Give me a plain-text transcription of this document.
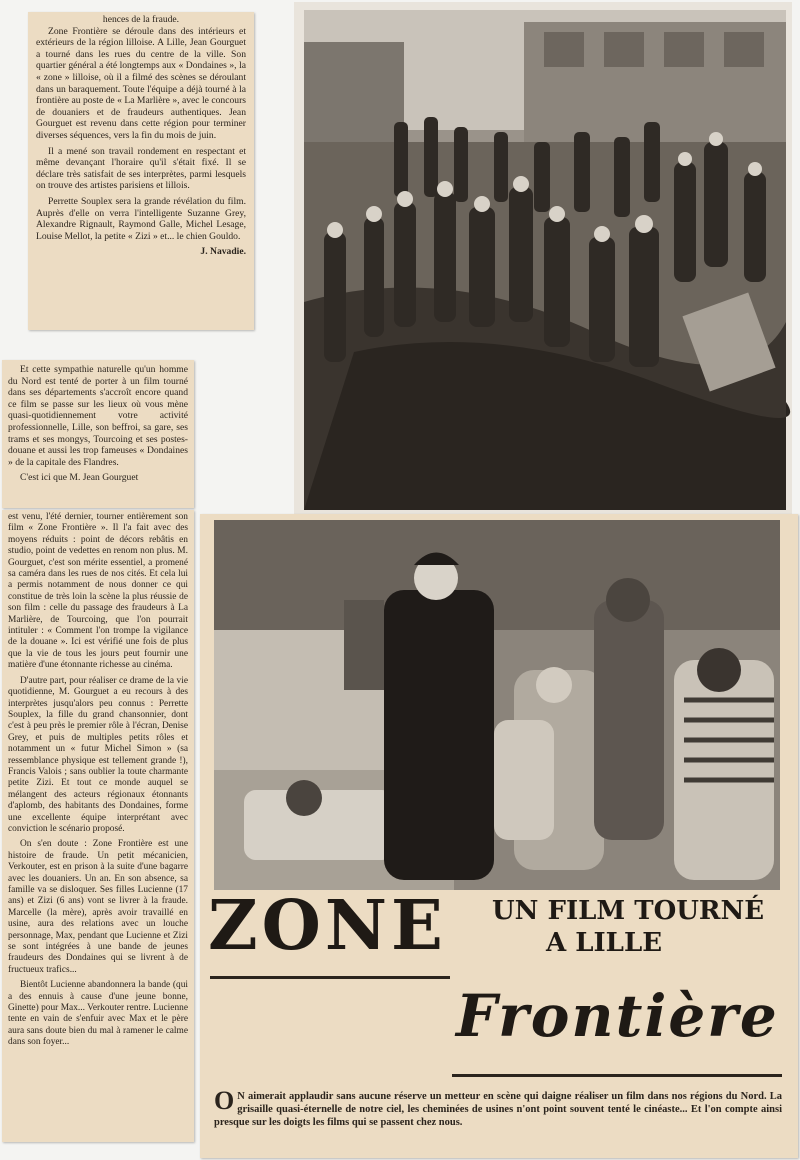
hences de la fraude.

Zone Frontière se déroule dans des intérieurs et extérieurs de la région lilloise. A Lille, Jean Gourguet a tourné dans les rues du centre de la ville. Son quartier général a été longtemps aux « Dondaines », la « zone » lilloise, où il a filmé des scènes se déroulant dans un baraquement. Toute l'équipe a déjà tourné à la frontière au poste de « La Marlière », avec le concours de douaniers et de fraudeurs authentiques. Jean Gourguet est revenu dans cette région pour terminer diverses séquences, vers la fin du mois de juin.

Il a mené son travail rondement en respectant et même devançant l'horaire qu'il s'était fixé. Il se déclare très satisfait de ses interprètes, parmi lesquels on trouve des artistes parisiens et lillois.

Perrette Souplex sera la grande révélation du film. Auprès d'elle on verra l'intelligente Suzanne Grey, Alexandre Rignault, Raymond Galle, Michel Lesage, Louise Mellot, la petite « Zizi » et... le chien Gouldo.

J. Navadie.

Et cette sympathie naturelle qu'un homme du Nord est tenté de porter à un film tourné dans ses départements s'accroît encore quand ce film se passe sur les lieux où vous mène quasi-quotidiennement votre activité professionnelle, Lille, son beffroi, sa gare, ses trams et ses mongys, Tourcoing et ses postes-douane et aussi les trop fameuses « Dondaines » de la capitale des Flandres.

C'est ici que M. Jean Gourguet

est venu, l'été dernier, tourner entièrement son film « Zone Frontière ». Il l'a fait avec des moyens réduits : point de décors rebâtis en studio, point de vedettes en renom non plus. M. Gourguet, c'est son mérite essentiel, a promené sa caméra dans les rues de nos cités. Et cela lui a permis notamment de nous donner ce qui constitue de très loin la scène la plus réussie de son film : celle du passage des fraudeurs à La Marlière, de Tourcoing, que l'on pourrait intituler : « Comment l'on trompe la vigilance de la douane ». Ici est vérifié une fois de plus que la vie de tous les jours peut fournir une matière d'une étonnante richesse au cinéma.

D'autre part, pour réaliser ce drame de la vie quotidienne, M. Gourguet a eu recours à des interprètes jusqu'alors peu connus : Perrette Souplex, la fille du grand chansonnier, dont c'est à peu près le premier rôle à l'écran, Denise Grey, et puis de multiples petits rôles et notamment un « futur Michel Simon » (sa ressemblance physique est tellement grande !), Francis Valois ; sans oublier la toute charmante petite Zizi. Et tout ce monde auquel se mélangent des acteurs régionaux étonnants d'aplomb, des habitants des Dondaines, forme une excellente équipe interprétant avec conviction le scénario proposé.

On s'en doute : Zone Frontière est une histoire de fraude. Un petit mécanicien, Verkouter, est en prison à la suite d'une bagarre avec les douaniers. Un an. En son absence, sa famille va se disloquer. Ses filles Lucienne (17 ans) et Zizi (6 ans) vont se livrer à la fraude. Marcelle (la mère), après avoir travaillé en usine, aura des relations avec un louche personnage, Max, pendant que Lucienne et Zizi se sont intégrées à une bande de jeunes fraudeurs des Dondaines qui se livrent à de fructueux trafics...

Bientôt Lucienne abandonnera la bande (qui a des ennuis à cause d'une jeune bonne, Ginette) pour Max... Verkouter rentre. Lucienne tente en vain de s'enfuir avec Max et le père aura sans doute bien du mal à ramener le calme dans son foyer...

ZONE UN FILM TOURNÉ
A LILLE
Frontière
O N aimerait applaudir sans aucune réserve un metteur en scène qui daigne réaliser un film dans nos régions du Nord. La grisaille quasi-éternelle de notre ciel, les cheminées de usines n'ont point souvent tenté le cinéaste... Et l'on compte ainsi presque sur les doigts les films qui se passent chez nous.
